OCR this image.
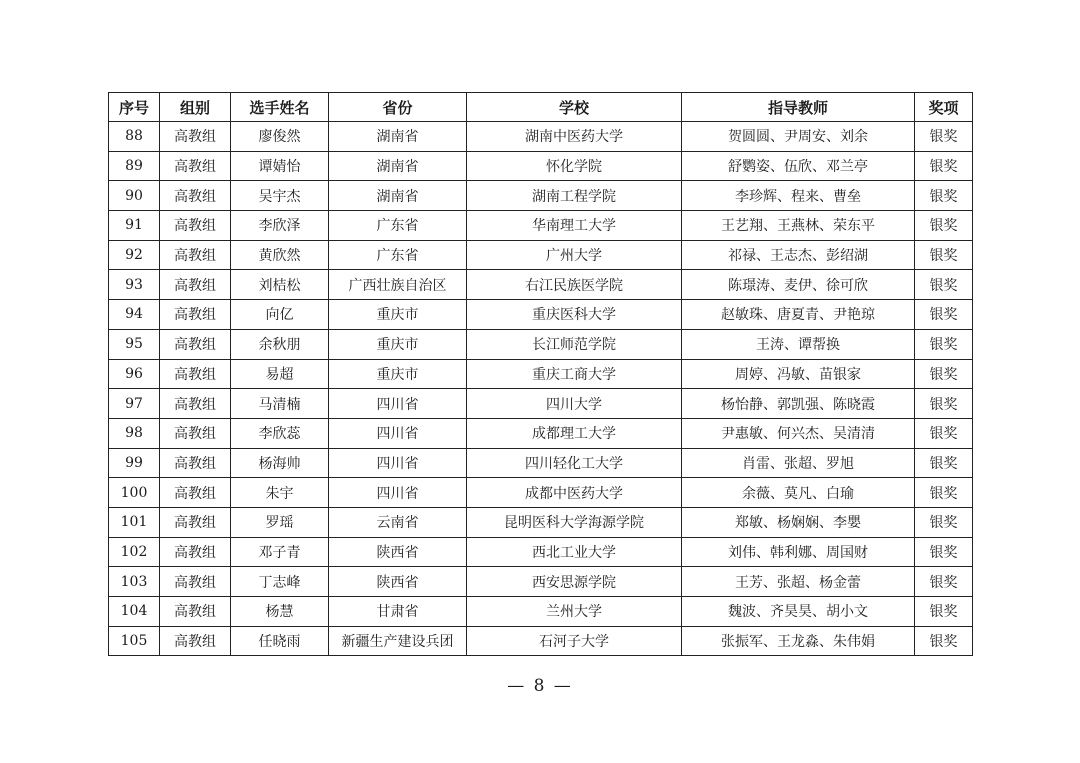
序号	组别	选手姓名	省份	学校	指导教师	奖项
88	高教组	廖俊然	湖南省	湖南中医药大学	贺圆圆、尹周安、刘余	银奖
89	高教组	谭婧怡	湖南省	怀化学院	舒鹦姿、伍欣、邓兰亭	银奖
90	高教组	吴宇杰	湖南省	湖南工程学院	李珍辉、程来、曹垒	银奖
91	高教组	李欣泽	广东省	华南理工大学	王艺翔、王燕林、荣东平	银奖
92	高教组	黄欣然	广东省	广州大学	祁禄、王志杰、彭绍湖	银奖
93	高教组	刘桔松	广西壮族自治区	右江民族医学院	陈璟涛、麦伊、徐可欣	银奖
94	高教组	向亿	重庆市	重庆医科大学	赵敏珠、唐夏青、尹艳琼	银奖
95	高教组	余秋朋	重庆市	长江师范学院	王涛、谭帮换	银奖
96	高教组	易超	重庆市	重庆工商大学	周婷、冯敏、苗银家	银奖
97	高教组	马清楠	四川省	四川大学	杨怡静、郭凯强、陈晓霞	银奖
98	高教组	李欣蕊	四川省	成都理工大学	尹惠敏、何兴杰、吴清清	银奖
99	高教组	杨海帅	四川省	四川轻化工大学	肖雷、张超、罗旭	银奖
100	高教组	朱宇	四川省	成都中医药大学	余薇、莫凡、白瑜	银奖
101	高教组	罗瑶	云南省	昆明医科大学海源学院	郑敏、杨娴娴、李嬰	银奖
102	高教组	邓子青	陕西省	西北工业大学	刘伟、韩利娜、周国财	银奖
103	高教组	丁志峰	陕西省	西安思源学院	王芳、张超、杨金蕾	银奖
104	高教组	杨慧	甘肃省	兰州大学	魏波、齐昊昊、胡小文	银奖
105	高教组	任晓雨	新疆生产建设兵团	石河子大学	张振军、王龙淼、朱伟娟	银奖
— 8 —
